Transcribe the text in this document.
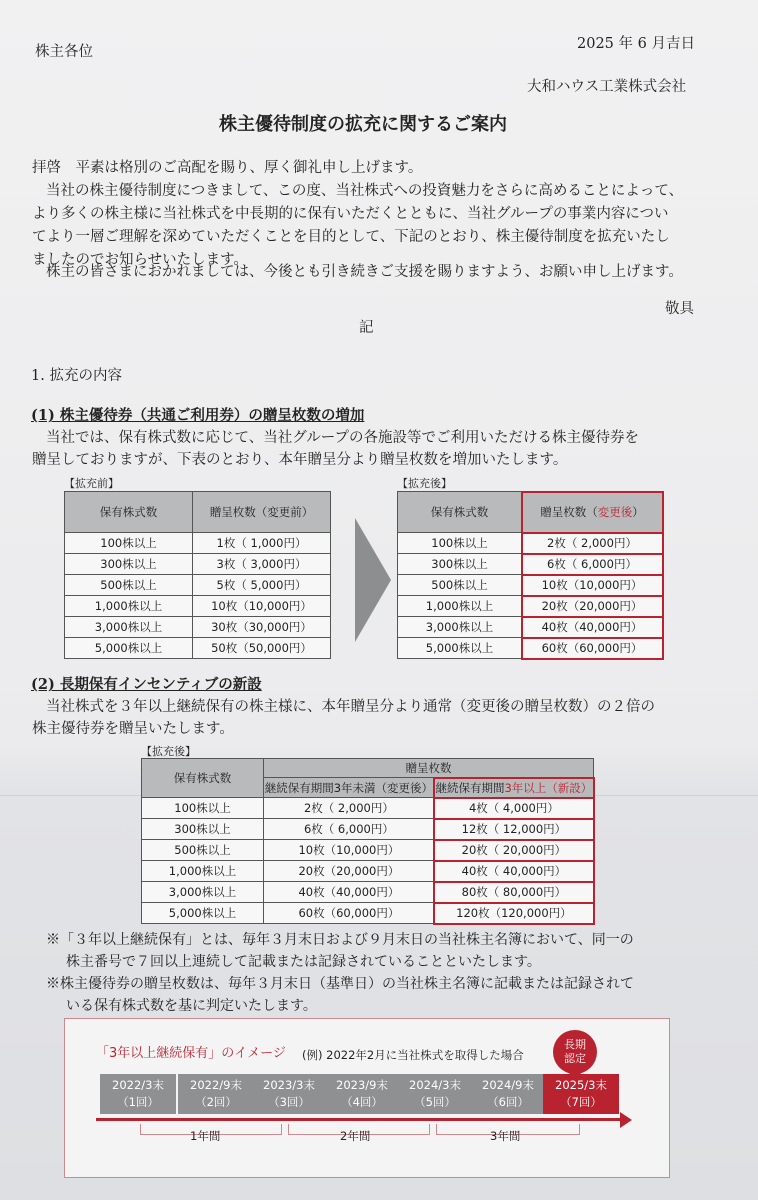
株主各位	2025 年 6 月吉日
大和ハウス工業株式会社
株主優待制度の拡充に関するご案内
拝啓　平素は格別のご高配を賜り、厚く御礼申し上げます。
当社の株主優待制度につきまして、この度、当社株式への投資魅力をさらに高めることによって、
より多くの株主様に当社株式を中長期的に保有いただくとともに、当社グループの事業内容につい
てより一層ご理解を深めていただくことを目的として、下記のとおり、株主優待制度を拡充いたし
ましたのでお知らせいたします。
株主の皆さまにおかれましては、今後とも引き続きご支援を賜りますよう、お願い申し上げます。
敬具
記
1. 拡充の内容
(1) 株主優待券（共通ご利用券）の贈呈枚数の増加
当社では、保有株式数に応じて、当社グループの各施設等でご利用いただける株主優待券を
贈呈しておりますが、下表のとおり、本年贈呈分より贈呈枚数を増加いたします。
【拡充前】
保有株式数	贈呈枚数（変更前）
100株以上	1枚（ 1,000円）
300株以上	3枚（ 3,000円）
500株以上	5枚（ 5,000円）
1,000株以上	10枚（10,000円）
3,000株以上	30枚（30,000円）
5,000株以上	50枚（50,000円）
【拡充後】
保有株式数	贈呈枚数（変更後）
100株以上	2枚（ 2,000円）
300株以上	6枚（ 6,000円）
500株以上	10枚（10,000円）
1,000株以上	20枚（20,000円）
3,000株以上	40枚（40,000円）
5,000株以上	60枚（60,000円）
(2) 長期保有インセンティブの新設
当社株式を３年以上継続保有の株主様に、本年贈呈分より通常（変更後の贈呈枚数）の２倍の
株主優待券を贈呈いたします。
【拡充後】
保有株式数	贈呈枚数	
	継続保有期間3年未満（変更後）	継続保有期間3年以上（新設）
100株以上	2枚（ 2,000円）	4枚（ 4,000円）
300株以上	6枚（ 6,000円）	12枚（ 12,000円）
500株以上	10枚（10,000円）	20枚（ 20,000円）
1,000株以上	20枚（20,000円）	40枚（ 40,000円）
3,000株以上	40枚（40,000円）	80枚（ 80,000円）
5,000株以上	60枚（60,000円）	120枚（120,000円）
※「３年以上継続保有」とは、毎年３月末日および９月末日の当社株主名簿において、同一の
株主番号で７回以上連続して記載または記録されていることといたします。
※株主優待券の贈呈枚数は、毎年３月末日（基準日）の当社株主名簿に記載または記録されて
いる保有株式数を基に判定いたします。
「3年以上継続保有」のイメージ (例) 2022年2月に当社株式を取得した場合
長期
認定
2022/3末
（1回）
2022/9末
（2回）
2023/3末
（3回）
2023/9末
（4回）
2024/3末
（5回）
2024/9末
（6回）
2025/3末
（7回）
1年間	2年間	3年間
